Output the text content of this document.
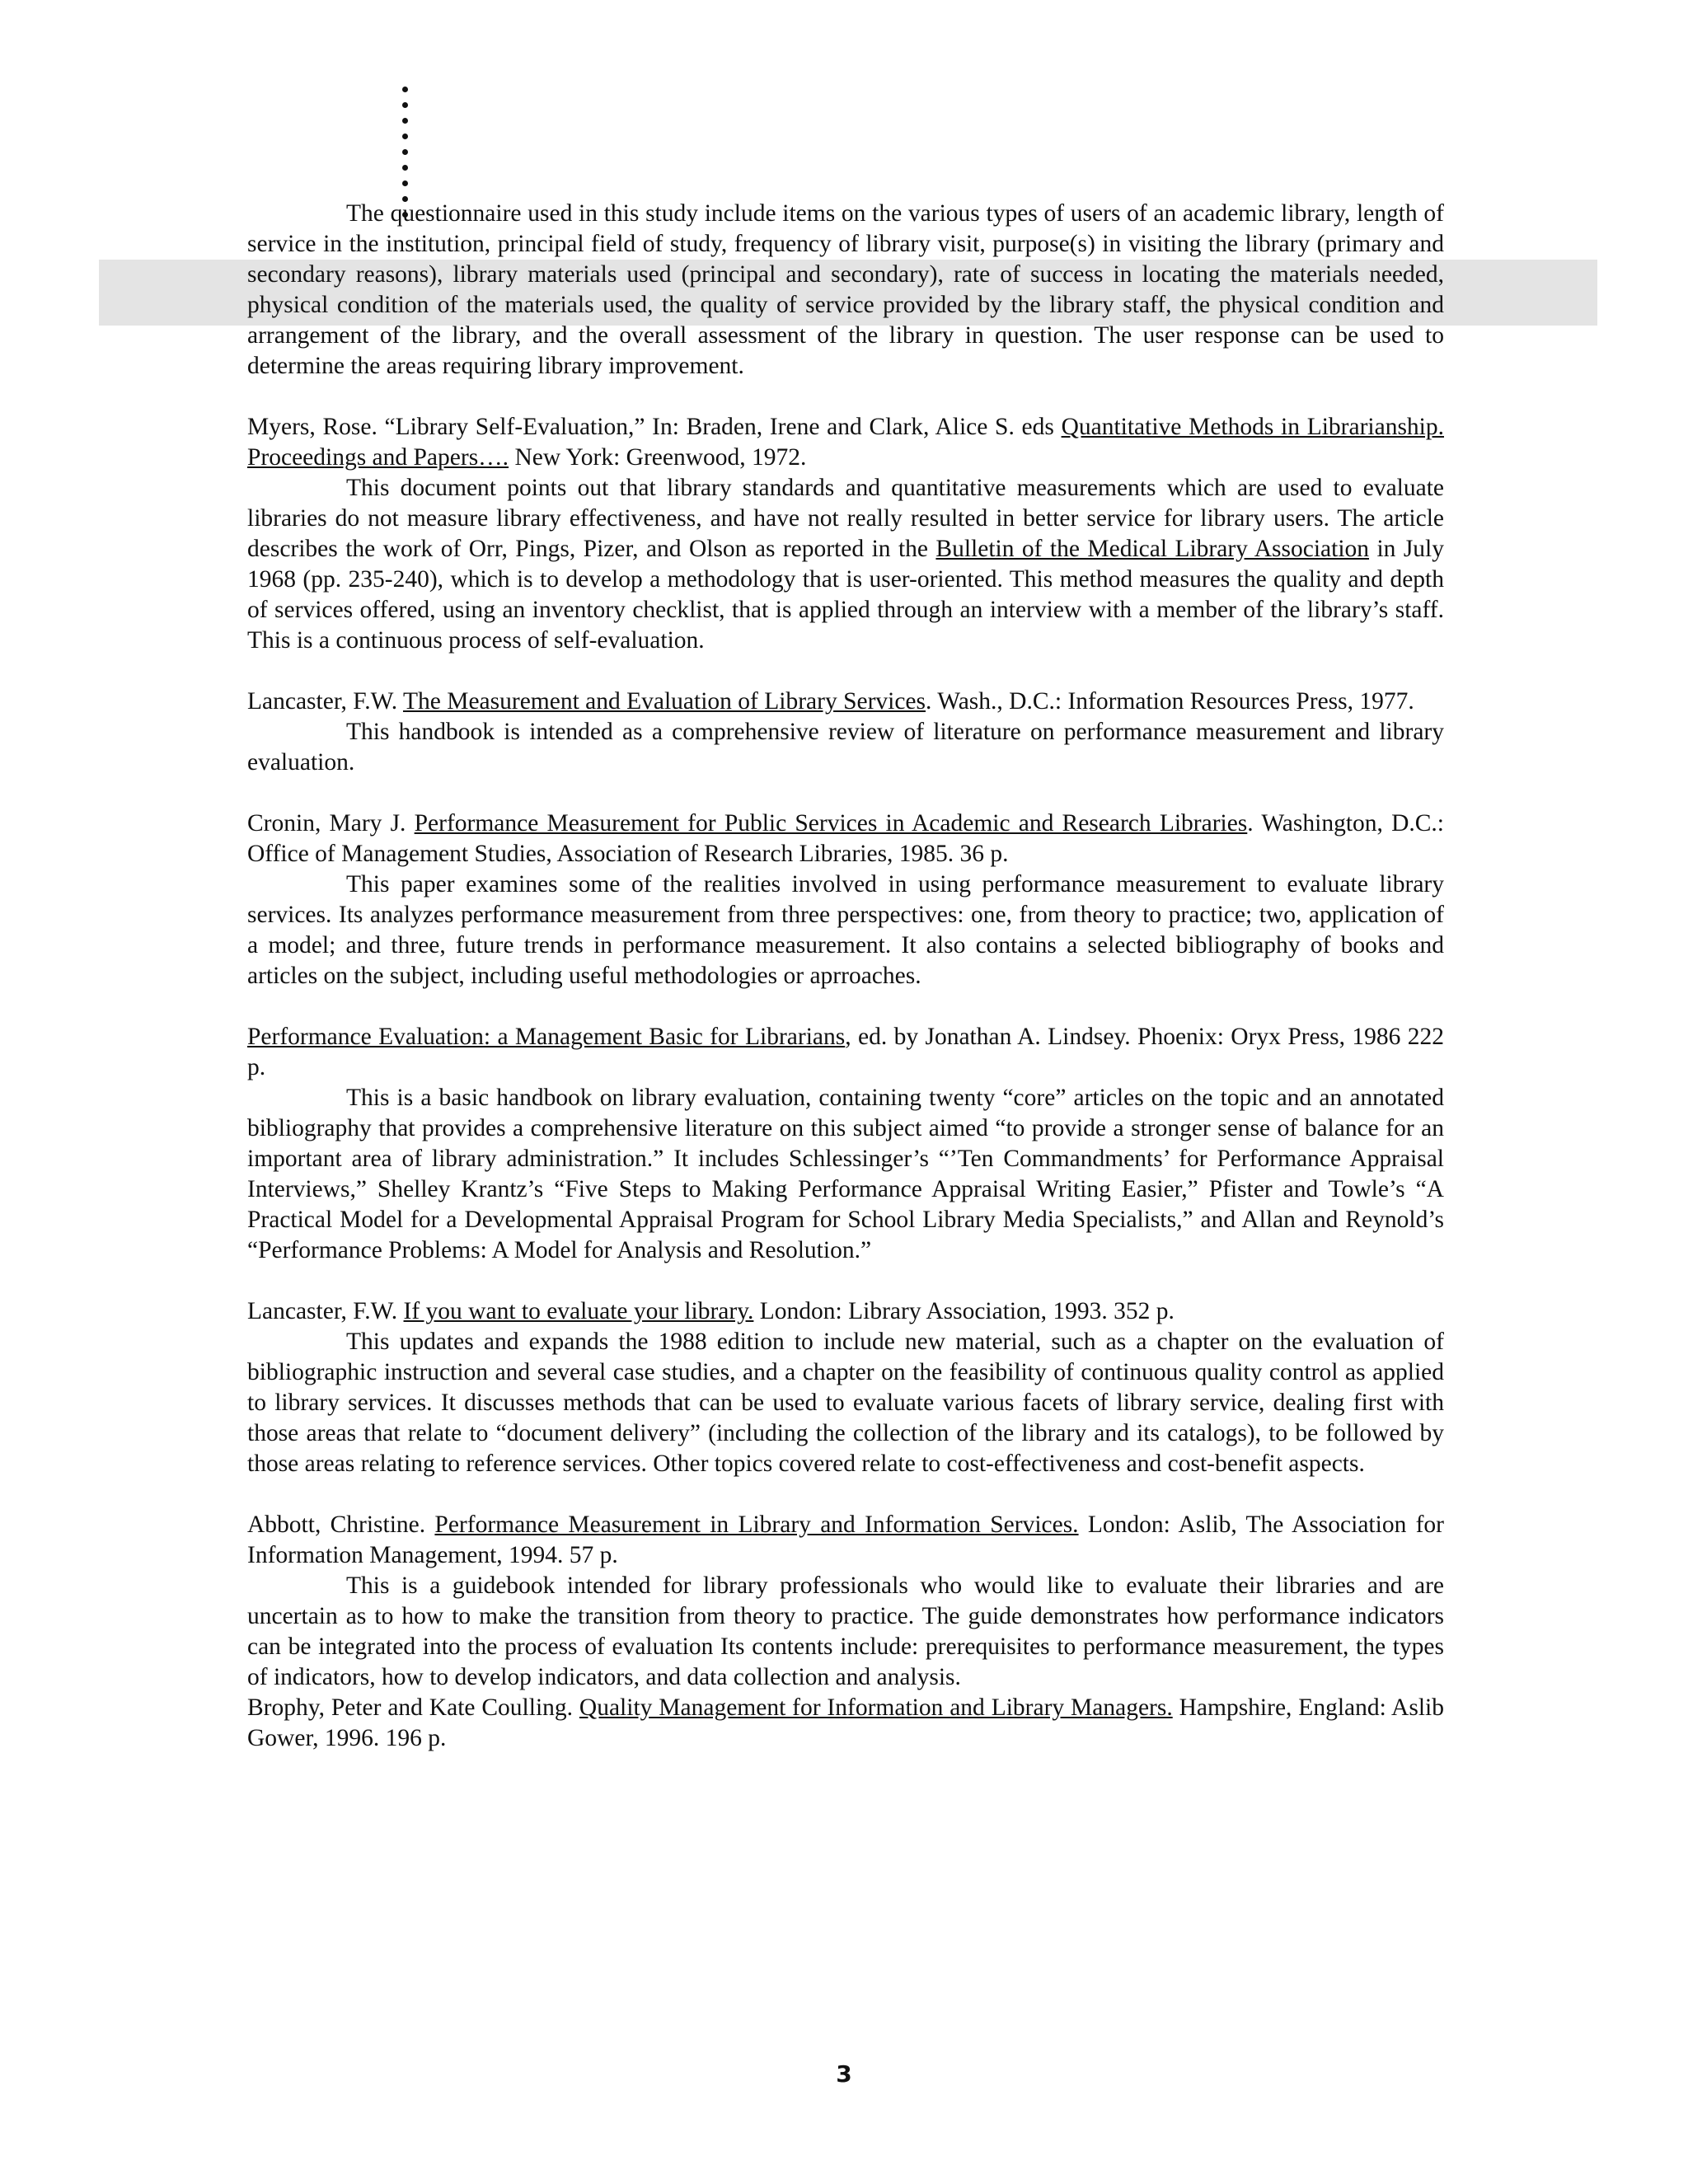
The questionnaire used in this study include items on the various types of users of an academic library, length of service in the institution, principal field of study, frequency of library visit, purpose(s) in visiting the library (primary and secondary reasons), library materials used (principal and secondary), rate of success in locating the materials needed, physical condition of the materials used, the quality of service provided by the library staff, the physical condition and arrangement of the library, and the overall assessment of the library in question. The user response can be used to determine the areas requiring library improvement.

Myers, Rose. “Library Self-Evaluation,” In: Braden, Irene and Clark, Alice S. eds Quantitative Methods in Librarianship. Proceedings and Papers…. New York: Greenwood, 1972.

This document points out that library standards and quantitative measurements which are used to evaluate libraries do not measure library effectiveness, and have not really resulted in better service for library users. The article describes the work of Orr, Pings, Pizer, and Olson as reported in the Bulletin of the Medical Library Association in July 1968 (pp. 235-240), which is to develop a methodology that is user-oriented. This method measures the quality and depth of services offered, using an inventory checklist, that is applied through an interview with a member of the library’s staff. This is a continuous process of self-evaluation.

Lancaster, F.W. The Measurement and Evaluation of Library Services. Wash., D.C.: Information Resources Press, 1977.

This handbook is intended as a comprehensive review of literature on performance measurement and library evaluation.

Cronin, Mary J. Performance Measurement for Public Services in Academic and Research Libraries. Washington, D.C.: Office of Management Studies, Association of Research Libraries, 1985. 36 p.

This paper examines some of the realities involved in using performance measurement to evaluate library services. Its analyzes performance measurement from three perspectives: one, from theory to practice; two, application of a model; and three, future trends in performance measurement. It also contains a selected bibliography of books and articles on the subject, including useful methodologies or aprroaches.

Performance Evaluation: a Management Basic for Librarians, ed. by Jonathan A. Lindsey. Phoenix: Oryx Press, 1986 222 p.

This is a basic handbook on library evaluation, containing twenty “core” articles on the topic and an annotated bibliography that provides a comprehensive literature on this subject aimed “to provide a stronger sense of balance for an important area of library administration.” It includes Schlessinger’s “’Ten Commandments’ for Performance Appraisal Interviews,” Shelley Krantz’s “Five Steps to Making Performance Appraisal Writing Easier,” Pfister and Towle’s “A Practical Model for a Developmental Appraisal Program for School Library Media Specialists,” and Allan and Reynold’s “Performance Problems: A Model for Analysis and Resolution.”

Lancaster, F.W. If you want to evaluate your library. London: Library Association, 1993. 352 p.

This updates and expands the 1988 edition to include new material, such as a chapter on the evaluation of bibliographic instruction and several case studies, and a chapter on the feasibility of continuous quality control as applied to library services. It discusses methods that can be used to evaluate various facets of library service, dealing first with those areas that relate to “document delivery” (including the collection of the library and its catalogs), to be followed by those areas relating to reference services. Other topics covered relate to cost-effectiveness and cost-benefit aspects.

Abbott, Christine. Performance Measurement in Library and Information Services. London: Aslib, The Association for Information Management, 1994. 57 p.

This is a guidebook intended for library professionals who would like to evaluate their libraries and are uncertain as to how to make the transition from theory to practice. The guide demonstrates how performance indicators can be integrated into the process of evaluation Its contents include: prerequisites to performance measurement, the types of indicators, how to develop indicators, and data collection and analysis.

Brophy, Peter and Kate Coulling. Quality Management for Information and Library Managers. Hampshire, England: Aslib Gower, 1996. 196 p.

3
